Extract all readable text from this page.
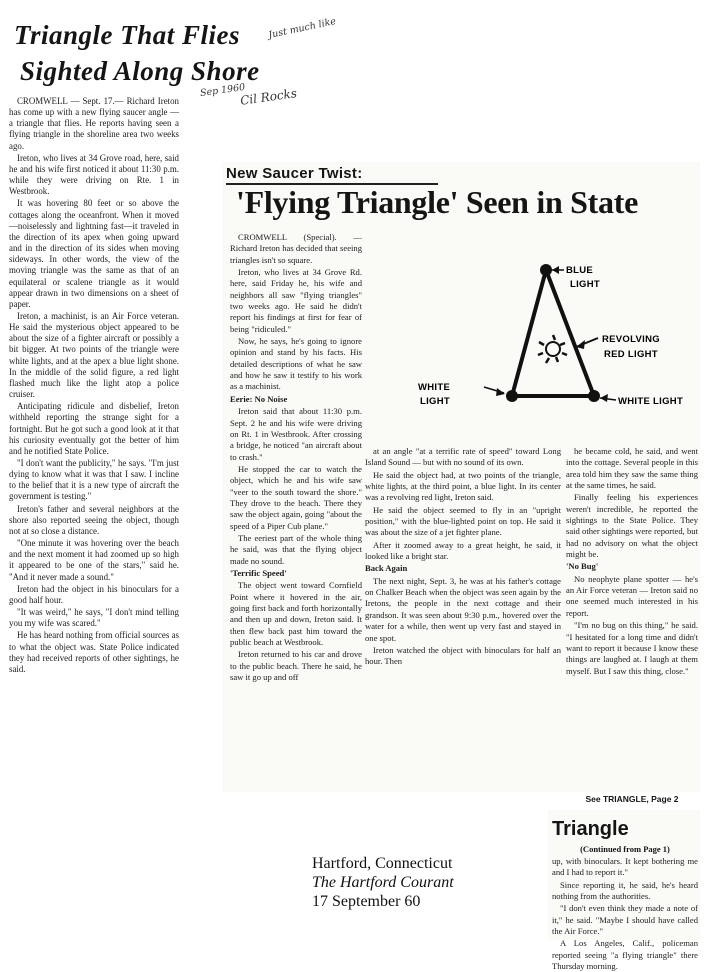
Triangle That Flies
Sighted Along Shore
Just much like
Sep 1960
Cil Rocks

CROMWELL — Sept. 17.— Richard Ireton has come up with a new flying saucer angle —a triangle that flies. He reports having seen a flying triangle in the shoreline area two weeks ago.

Ireton, who lives at 34 Grove road, here, said he and his wife first noticed it about 11:30 p.m. while they were driving on Rte. 1 in Westbrook.

It was hovering 80 feet or so above the cottages along the oceanfront. When it moved—noiselessly and lightning fast—it traveled in the direction of its apex when going upward and in the direction of its sides when moving sideways. In other words, the view of the moving triangle was the same as that of an equilateral or scalene triangle as it would appear drawn in two dimensions on a sheet of paper.

Ireton, a machinist, is an Air Force veteran. He said the mysterious object appeared to be about the size of a fighter aircraft or possibly a bit bigger. At two points of the triangle were white lights, and at the apex a blue light shone. In the middle of the solid figure, a red light flashed much like the light atop a police cruiser.

Anticipating ridicule and disbelief, Ireton withheld reporting the strange sight for a fortnight. But he got such a good look at it that his curiosity eventually got the better of him and he notified State Police.

"I don't want the publicity," he says. "I'm just dying to know what it was that I saw. I incline to the belief that it is a new type of aircraft the government is testing."

Ireton's father and several neighbors at the shore also reported seeing the object, though not at so close a distance.

"One minute it was hovering over the beach and the next moment it had zoomed up so high it appeared to be one of the stars," said he. "And it never made a sound."

Ireton had the object in his binoculars for a good half hour.

"It was weird," he says, "I don't mind telling you my wife was scared."

He has heard nothing from official sources as to what the object was. State Police indicated they had received reports of other sightings, he said.

New Saucer Twist:
'Flying Triangle' Seen in State

CROMWELL (Special). — Richard Ireton has decided that seeing triangles isn't so square.

Ireton, who lives at 34 Grove Rd. here, said Friday he, his wife and neighbors all saw "flying triangles" two weeks ago. He said he didn't report his findings at first for fear of being "ridiculed."

Now, he says, he's going to ignore opinion and stand by his facts. His detailed descriptions of what he saw and how he saw it testify to his work as a machinist.

Eerie: No Noise

Ireton said that about 11:30 p.m. Sept. 2 he and his wife were driving on Rt. 1 in Westbrook. After crossing a bridge, he noticed "an aircraft about to crash."

He stopped the car to watch the object, which he and his wife saw "veer to the south toward the shore." They drove to the beach. There they saw the object again, going "about the speed of a Piper Cub plane."

The eeriest part of the whole thing he said, was that the flying object made no sound.

'Terrific Speed'

The object went toward Cornfield Point where it hovered in the air, going first back and forth horizontally and then up and down, Ireton said. It then flew back past him toward the public beach at Westbrook.

Ireton returned to his car and drove to the public beach. There he said, he saw it go up and off

BLUE
LIGHT
REVOLVING
RED LIGHT
WHITE
LIGHT	WHITE LIGHT

at an angle "at a terrific rate of speed" toward Long Island Sound — but with no sound of its own.

He said the object had, at two points of the triangle, white lights, at the third point, a blue light. In its center was a revolving red light, Ireton said.

He said the object seemed to fly in an "upright position," with the blue-lighted point on top. He said it was about the size of a jet fighter plane.

After it zoomed away to a great height, he said, it looked like a bright star.

Back Again

The next night, Sept. 3, he was at his father's cottage on Chalker Beach when the object was seen again by the Iretons, the people in the next cottage and their grandson. It was seen about 9:30 p.m., hovered over the water for a while, then went up very fast and stayed in one spot.

Ireton watched the object with binoculars for half an hour. Then

he became cold, he said, and went into the cottage. Several people in this area told him they saw the same thing at the same times, he said.

Finally feeling his experiences weren't incredible, he reported the sightings to the State Police. They said other sightings were reported, but had no advisory on what the object might be.

'No Bug'

No neophyte plane spotter — he's an Air Force veteran — Ireton said no one seemed much interested in his report.

"I'm no bug on this thing," he said. "I hesitated for a long time and didn't want to report it because I know these things are laughed at. I laugh at them myself. But I saw this thing, close."

See TRIANGLE, Page 2
Triangle
(Continued from Page 1)

up, with binoculars. It kept bothering me and I had to report it."

Since reporting it, he said, he's heard nothing from the authorities.

"I don't even think they made a note of it," he said. "Maybe I should have called the Air Force."

A Los Angeles, Calif., policeman reported seeing "a flying triangle" there Thursday morning.

Hartford, Connecticut
The Hartford Courant
17 September 60
